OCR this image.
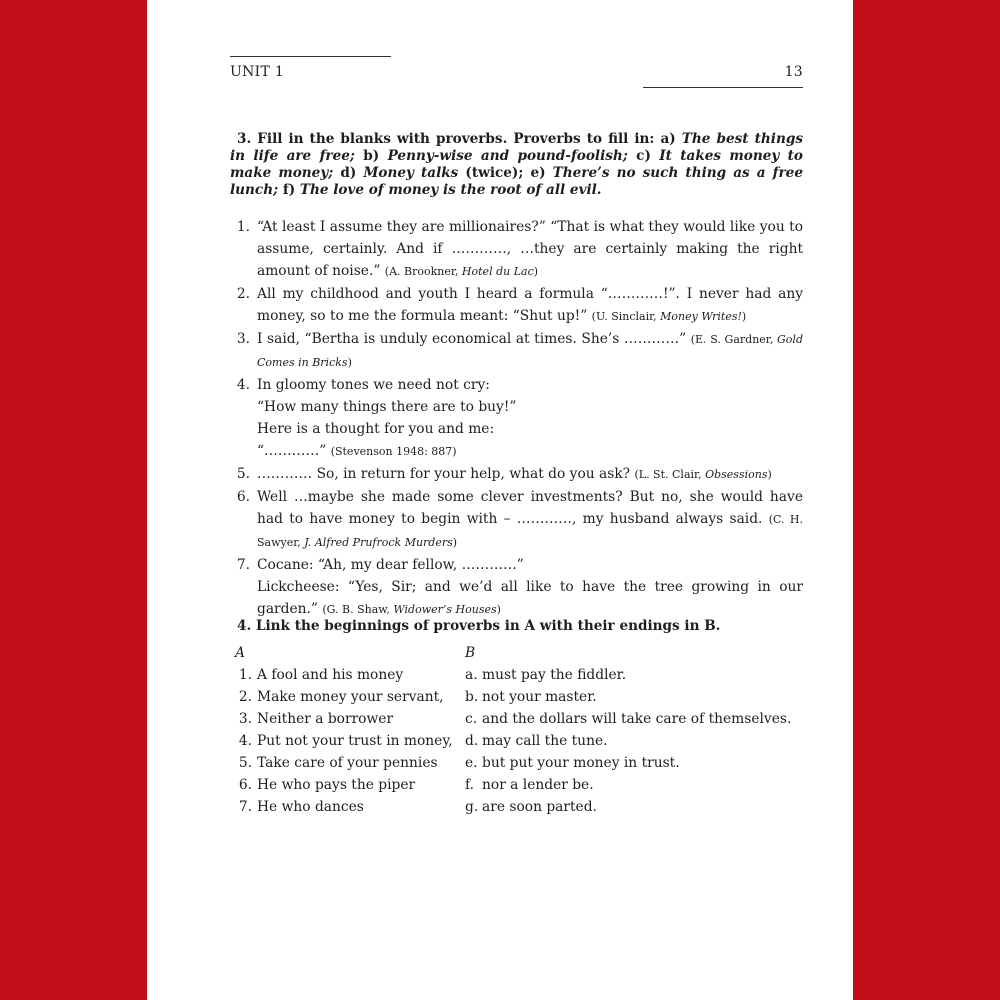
UNIT 1	13
3. Fill in the blanks with proverbs. Proverbs to fill in: a) The best things in life are free; b) Penny-wise and pound-foolish; c) It takes money to make money; d) Money talks (twice); e) There’s no such thing as a free lunch; f) The love of money is the root of all evil.
1. “At least I assume they are millionaires?” “That is what they would like you to assume, certainly. And if …………, …they are certainly making the right amount of noise.” (A. Brookner, Hotel du Lac)
2. All my childhood and youth I heard a formula “…………!”. I never had any money, so to me the formula meant: “Shut up!” (U. Sinclair, Money Writes!)
3. I said, “Bertha is unduly economical at times. She’s …………” (E. S. Gardner, Gold Comes in Bricks)
4. In gloomy tones we need not cry:
“How many things there are to buy!”
Here is a thought for you and me:
“…………” (Stevenson 1948: 887)
5. ………… So, in return for your help, what do you ask? (L. St. Clair, Obsessions)
6. Well …maybe she made some clever investments? But no, she would have had to have money to begin with – …………, my husband always said. (C. H. Sawyer, J. Alfred Prufrock Murders)
7. Cocane: “Ah, my dear fellow, …………”
Lickcheese: “Yes, Sir; and we’d all like to have the tree growing in our garden.” (G. B. Shaw, Widower’s Houses)
4. Link the beginnings of proverbs in A with their endings in B.
A	B
1. A fool and his money	a. must pay the fiddler.
2. Make money your servant,	b. not your master.
3. Neither a borrower	c. and the dollars will take care of themselves.
4. Put not your trust in money,	d. may call the tune.
5. Take care of your pennies	e. but put your money in trust.
6. He who pays the piper	f. nor a lender be.
7. He who dances	g. are soon parted.
